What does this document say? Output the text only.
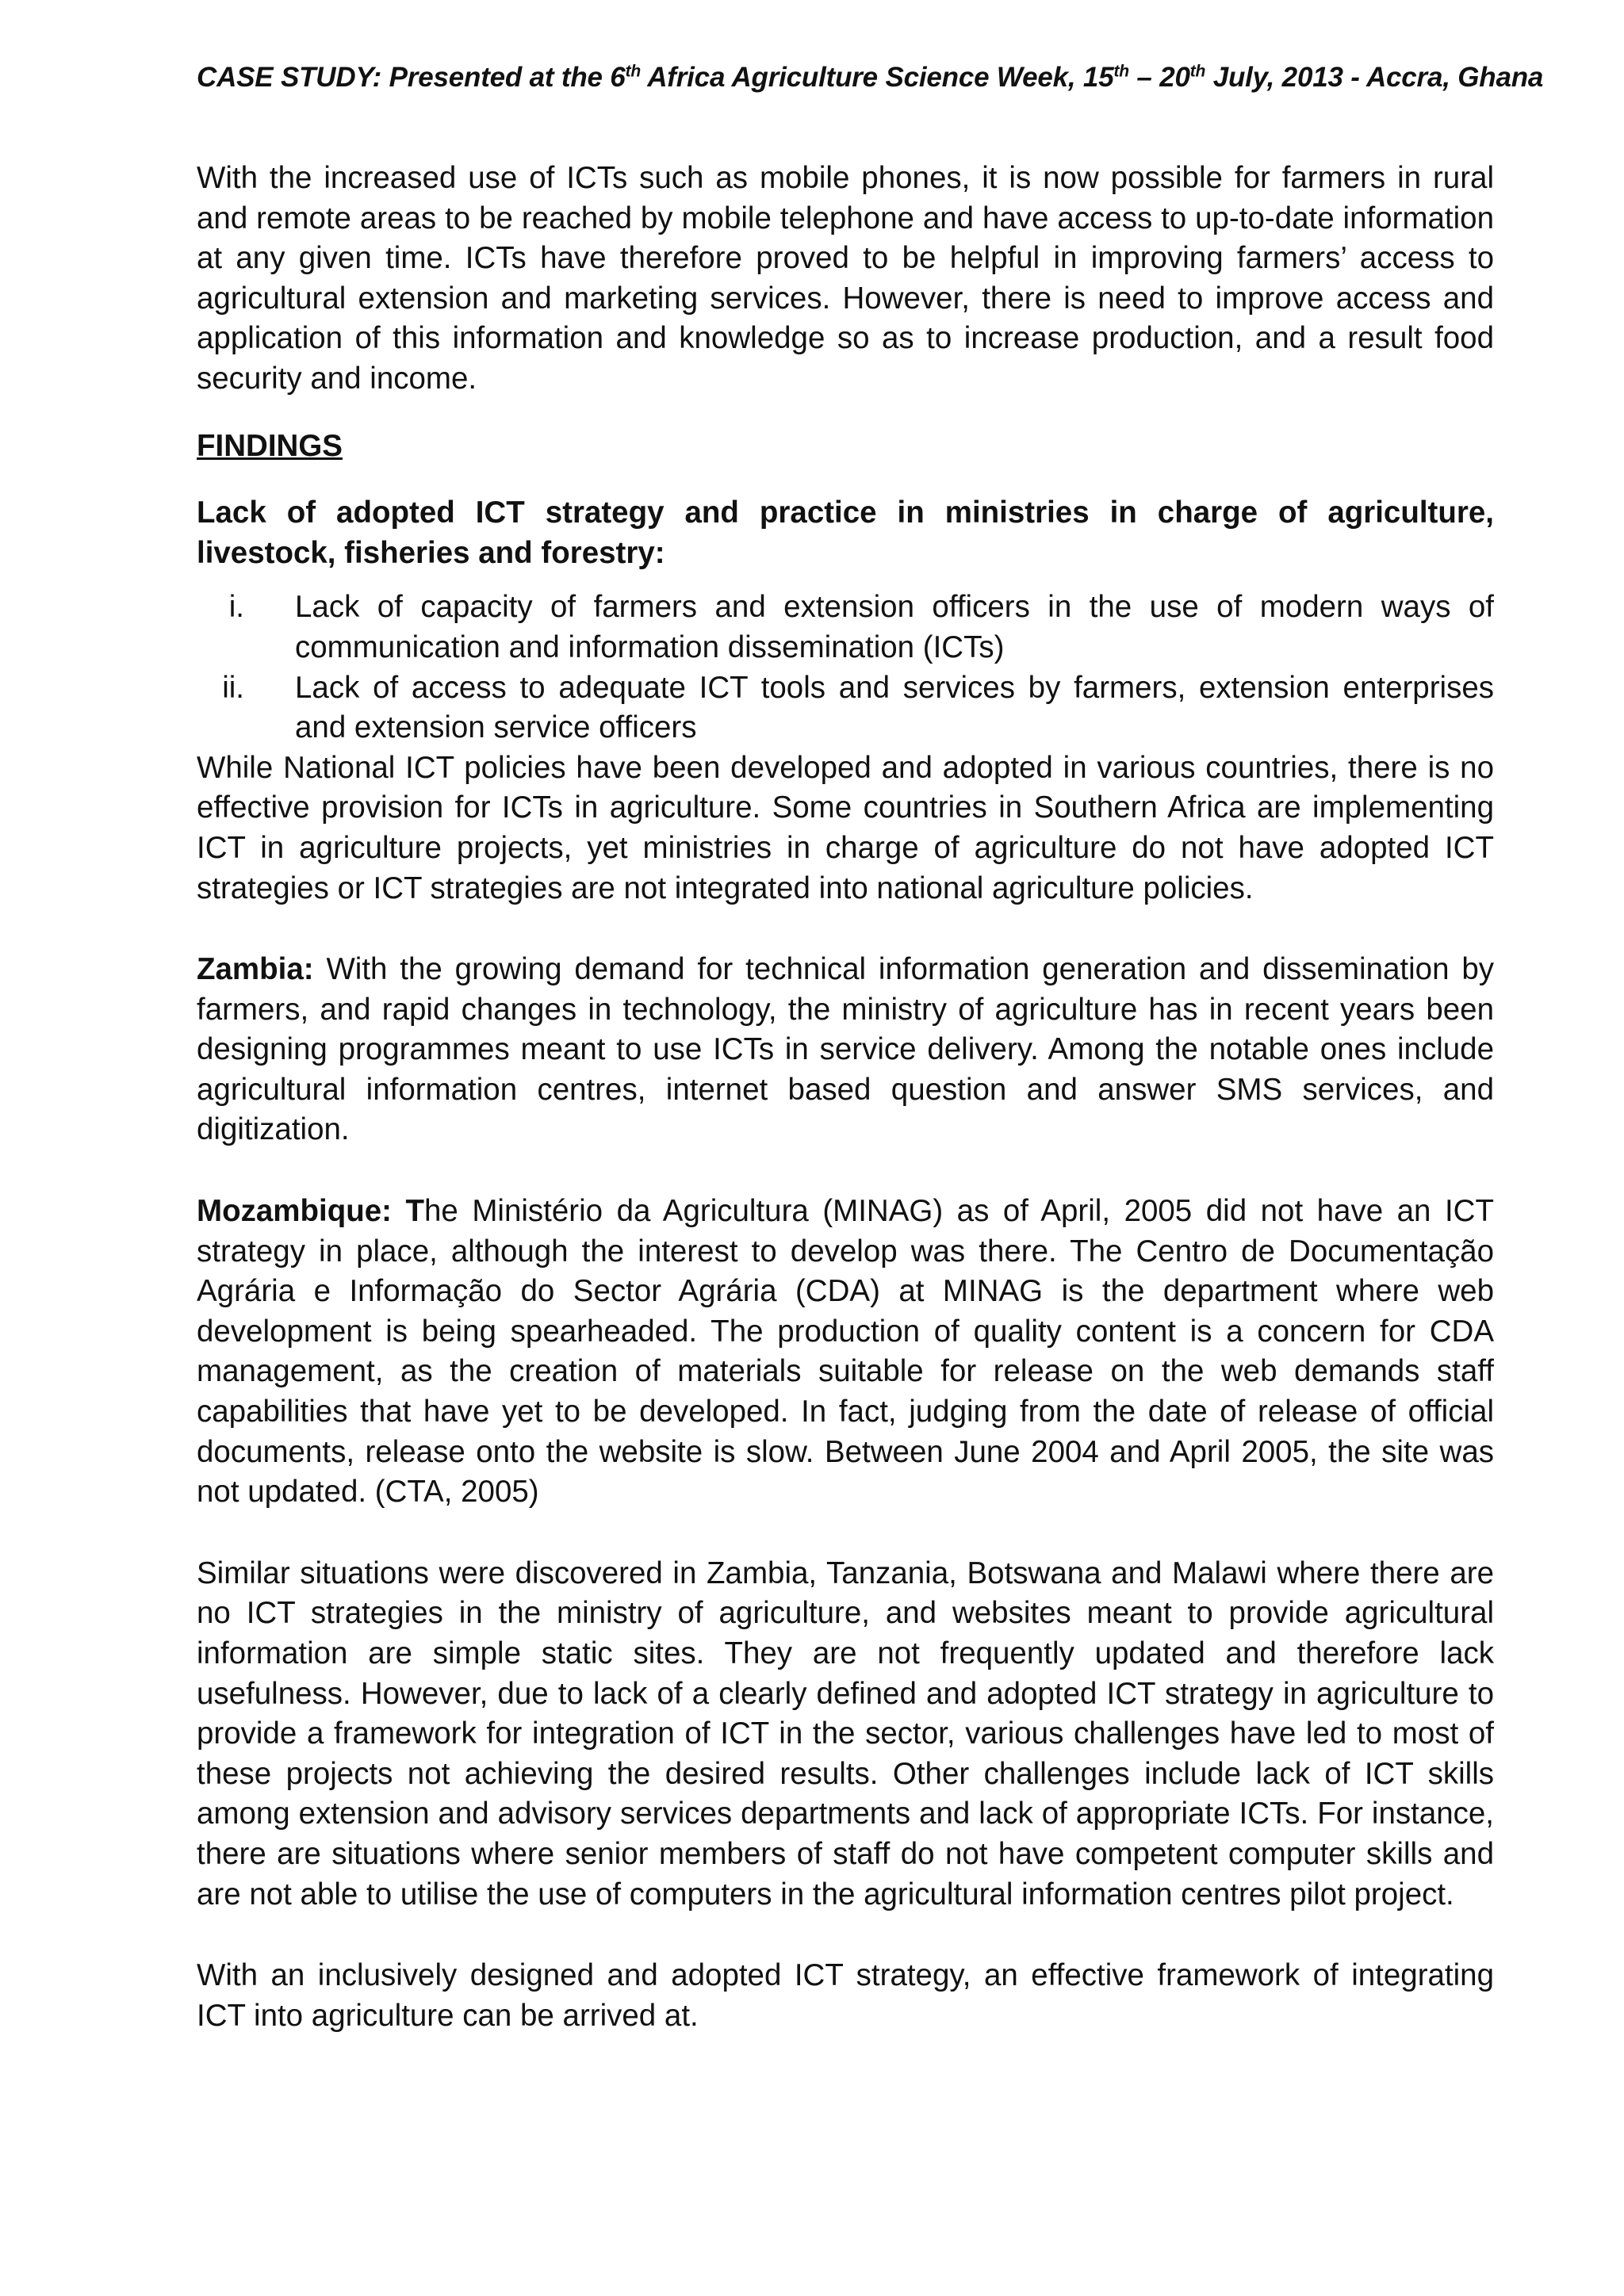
CASE STUDY: Presented at the 6th Africa Agriculture Science Week, 15th – 20th July, 2013 - Accra, Ghana

With the increased use of ICTs such as mobile phones, it is now possible for farmers in rural and remote areas to be reached by mobile telephone and have access to up-to-date information at any given time. ICTs have therefore proved to be helpful in improving farmers’ access to agricultural extension and marketing services. However, there is need to improve access and application of this information and knowledge so as to increase production, and a result food security and income.

FINDINGS

Lack of adopted ICT strategy and practice in ministries in charge of agriculture, livestock, fisheries and forestry:

i. Lack of capacity of farmers and extension officers in the use of modern ways of communication and information dissemination (ICTs)
ii. Lack of access to adequate ICT tools and services by farmers, extension enterprises and extension service officers

While National ICT policies have been developed and adopted in various countries, there is no effective provision for ICTs in agriculture. Some countries in Southern Africa are implementing ICT in agriculture projects, yet ministries in charge of agriculture do not have adopted ICT strategies or ICT strategies are not integrated into national agriculture policies.

Zambia: With the growing demand for technical information generation and dissemination by farmers, and rapid changes in technology, the ministry of agriculture has in recent years been designing programmes meant to use ICTs in service delivery. Among the notable ones include agricultural information centres, internet based question and answer SMS services, and digitization.

Mozambique: The Ministério da Agricultura (MINAG) as of April, 2005 did not have an ICT strategy in place, although the interest to develop was there. The Centro de Documentação Agrária e Informação do Sector Agrária (CDA) at MINAG is the department where web development is being spearheaded. The production of quality content is a concern for CDA management, as the creation of materials suitable for release on the web demands staff capabilities that have yet to be developed. In fact, judging from the date of release of official documents, release onto the website is slow. Between June 2004 and April 2005, the site was not updated. (CTA, 2005)

Similar situations were discovered in Zambia, Tanzania, Botswana and Malawi where there are no ICT strategies in the ministry of agriculture, and websites meant to provide agricultural information are simple static sites. They are not frequently updated and therefore lack usefulness. However, due to lack of a clearly defined and adopted ICT strategy in agriculture to provide a framework for integration of ICT in the sector, various challenges have led to most of these projects not achieving the desired results. Other challenges include lack of ICT skills among extension and advisory services departments and lack of appropriate ICTs. For instance, there are situations where senior members of staff do not have competent computer skills and are not able to utilise the use of computers in the agricultural information centres pilot project.

With an inclusively designed and adopted ICT strategy, an effective framework of integrating ICT into agriculture can be arrived at.
